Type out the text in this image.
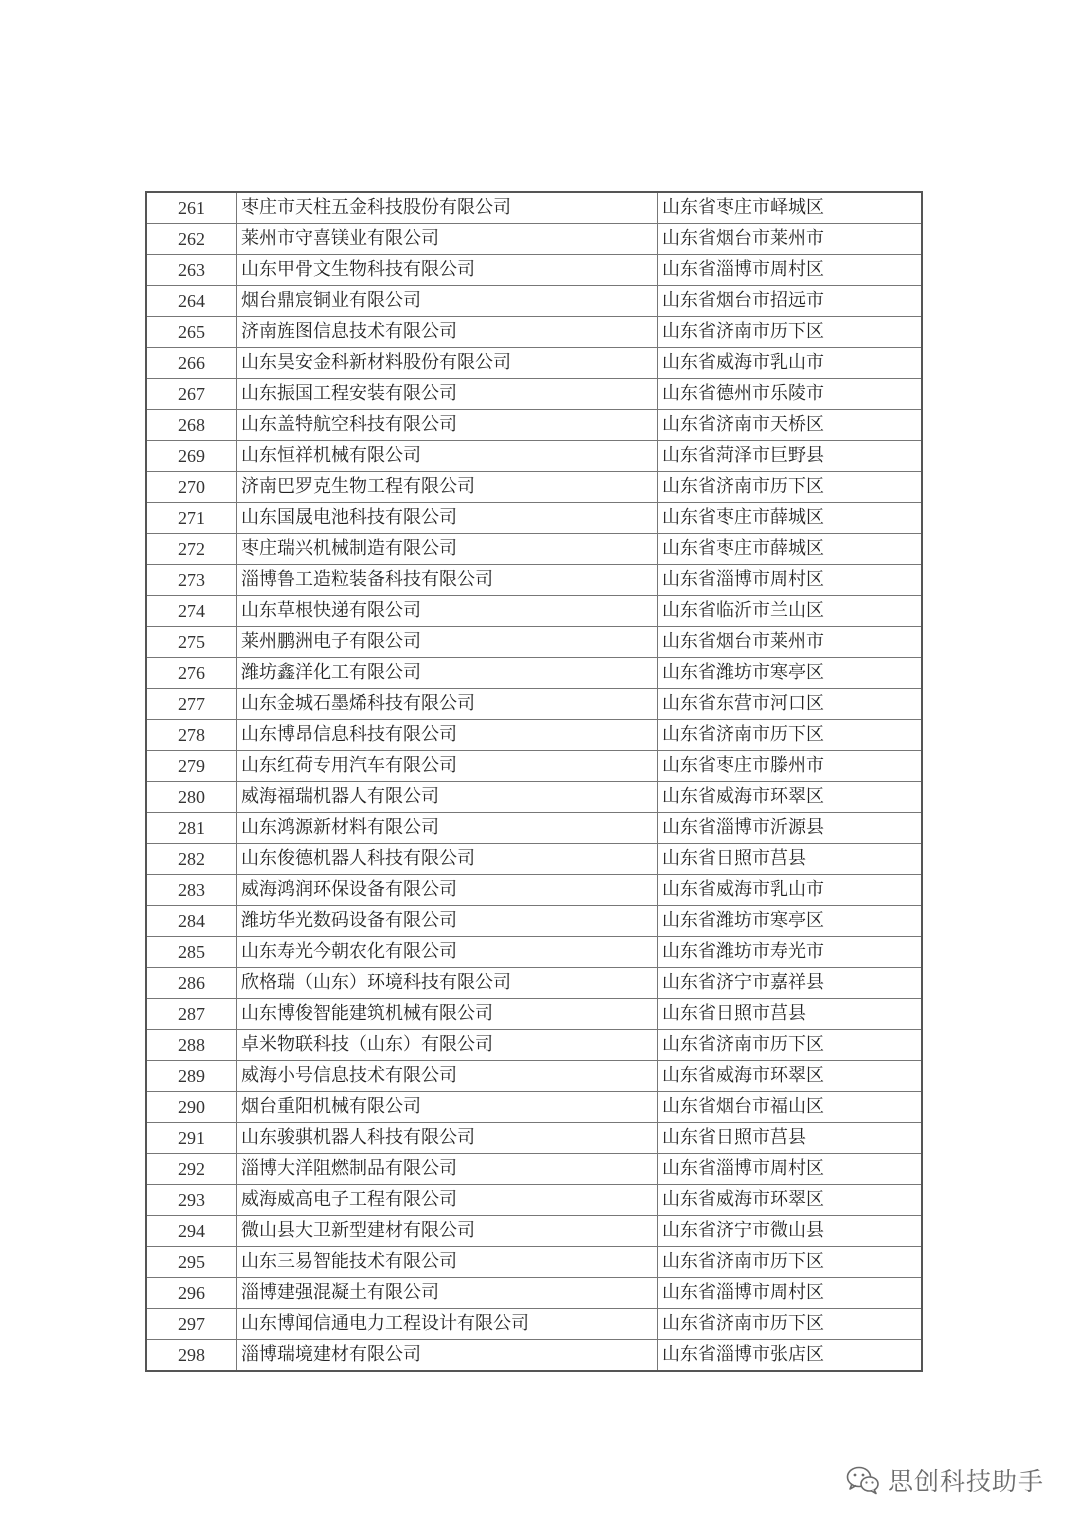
261	枣庄市天柱五金科技股份有限公司	山东省枣庄市峄城区
262	莱州市守喜镁业有限公司	山东省烟台市莱州市
263	山东甲骨文生物科技有限公司	山东省淄博市周村区
264	烟台鼎宸铜业有限公司	山东省烟台市招远市
265	济南旌图信息技术有限公司	山东省济南市历下区
266	山东昊安金科新材料股份有限公司	山东省威海市乳山市
267	山东振国工程安装有限公司	山东省德州市乐陵市
268	山东盖特航空科技有限公司	山东省济南市天桥区
269	山东恒祥机械有限公司	山东省菏泽市巨野县
270	济南巴罗克生物工程有限公司	山东省济南市历下区
271	山东国晟电池科技有限公司	山东省枣庄市薛城区
272	枣庄瑞兴机械制造有限公司	山东省枣庄市薛城区
273	淄博鲁工造粒装备科技有限公司	山东省淄博市周村区
274	山东草根快递有限公司	山东省临沂市兰山区
275	莱州鹏洲电子有限公司	山东省烟台市莱州市
276	潍坊鑫洋化工有限公司	山东省潍坊市寒亭区
277	山东金城石墨烯科技有限公司	山东省东营市河口区
278	山东博昂信息科技有限公司	山东省济南市历下区
279	山东红荷专用汽车有限公司	山东省枣庄市滕州市
280	威海福瑞机器人有限公司	山东省威海市环翠区
281	山东鸿源新材料有限公司	山东省淄博市沂源县
282	山东俊德机器人科技有限公司	山东省日照市莒县
283	威海鸿润环保设备有限公司	山东省威海市乳山市
284	潍坊华光数码设备有限公司	山东省潍坊市寒亭区
285	山东寿光今朝农化有限公司	山东省潍坊市寿光市
286	欣格瑞（山东）环境科技有限公司	山东省济宁市嘉祥县
287	山东博俊智能建筑机械有限公司	山东省日照市莒县
288	卓米物联科技（山东）有限公司	山东省济南市历下区
289	威海小号信息技术有限公司	山东省威海市环翠区
290	烟台重阳机械有限公司	山东省烟台市福山区
291	山东骏骐机器人科技有限公司	山东省日照市莒县
292	淄博大洋阻燃制品有限公司	山东省淄博市周村区
293	威海威高电子工程有限公司	山东省威海市环翠区
294	微山县大卫新型建材有限公司	山东省济宁市微山县
295	山东三易智能技术有限公司	山东省济南市历下区
296	淄博建强混凝土有限公司	山东省淄博市周村区
297	山东博闻信通电力工程设计有限公司	山东省济南市历下区
298	淄博瑞境建材有限公司	山东省淄博市张店区
思创科技助手
